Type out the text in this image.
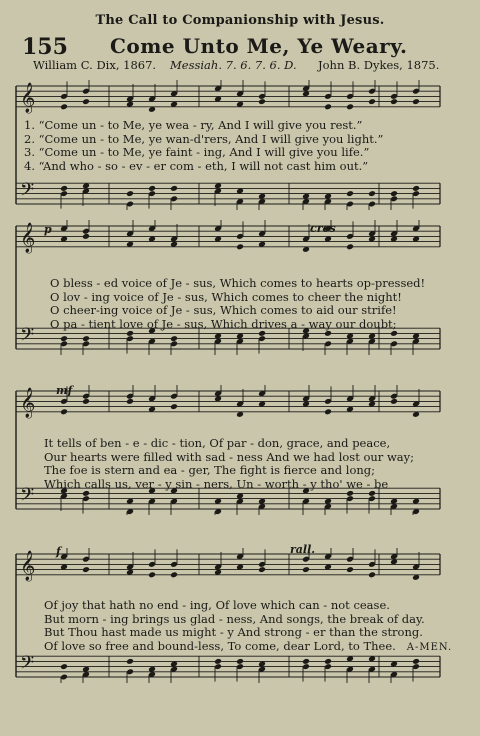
The Call to Companionship with Jesus.
155 Come Unto Me, Ye Weary.
William C. Dix, 1867. Messiah. 7. 6. 7. 6. D. John B. Dykes, 1875.
𝄞
𝄢
𝄞
𝄢
𝄞
𝄢
𝄞
𝄢
p	cres
mf
f	rall.
1. “Come un - to Me, ye wea - ry, And I will give you rest.”
2. “Come un - to Me, ye wan-d'rers, And I will give you light.”
3. “Come un - to Me, ye faint - ing, And I will give you life.”
4. “And who - so - ev - er com - eth, I will not cast him out.”
O bless - ed voice of Je - sus, Which comes to hearts op-pressed!
O lov - ing voice of Je - sus, Which comes to cheer the night!
O cheer-ing voice of Je - sus, Which comes to aid our strife!
O pa - tient love of Je - sus, Which drives a - way our doubt;
It tells of ben - e - dic - tion, Of par - don, grace, and peace,
Our hearts were filled with sad - ness And we had lost our way;
The foe is stern and ea - ger, The fight is fierce and long;
Which calls us, ver - y sin - ners, Un - worth - y tho' we - be
Of joy that hath no end - ing, Of love which can - not cease.
But morn - ing brings us glad - ness, And songs, the break of day.
But Thou hast made us might - y And strong - er than the strong.
Of love so free and bound-less, To come, dear Lord, to Thee. A-MEN.
